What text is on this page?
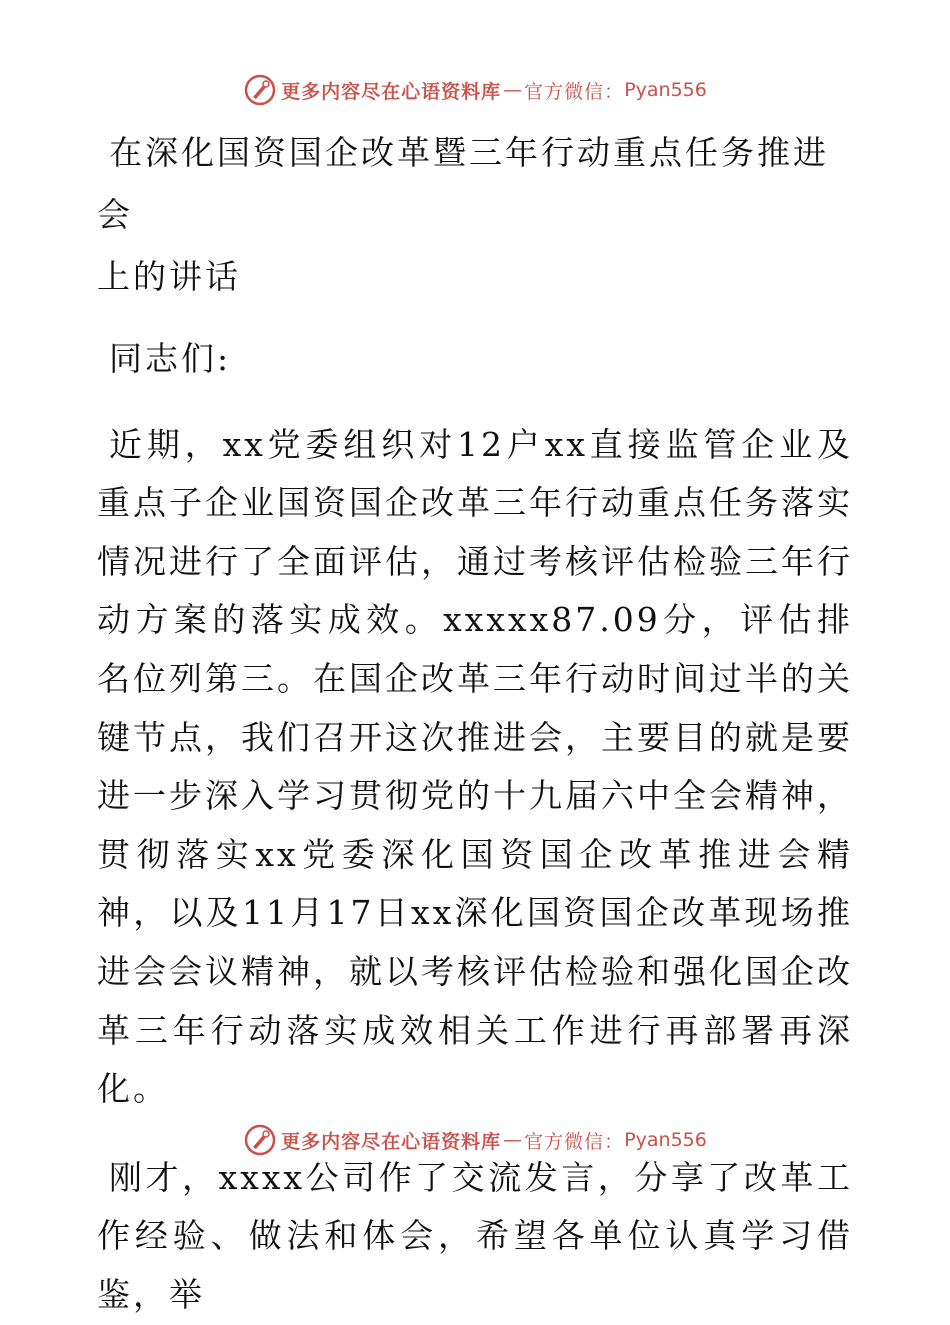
更多内容尽在心语资料库 — 官方微信： Pyan556
在深化国资国企改革暨三年行动重点任务推进会
上的讲话

同志们:

近期，xx党委组织对12户xx直接监管企业及重点子企业国资国企改革三年行动重点任务落实情况进行了全面评估，通过考核评估检验三年行动方案的落实成效。xxxxx87.09分，评估排名位列第三。在国企改革三年行动时间过半的关键节点，我们召开这次推进会，主要目的就是要进一步深入学习贯彻党的十九届六中全会精神，贯彻落实xx党委深化国资国企改革推进会精神，以及11月17日xx深化国资国企改革现场推进会会议精神，就以考核评估检验和强化国企改革三年行动落实成效相关工作进行再部署再深化。

刚才，xxxx公司作了交流发言，分享了改革工作经验、做法和体会，希望各单位认真学习借鉴，举

更多内容尽在心语资料库 — 官方微信： Pyan556
